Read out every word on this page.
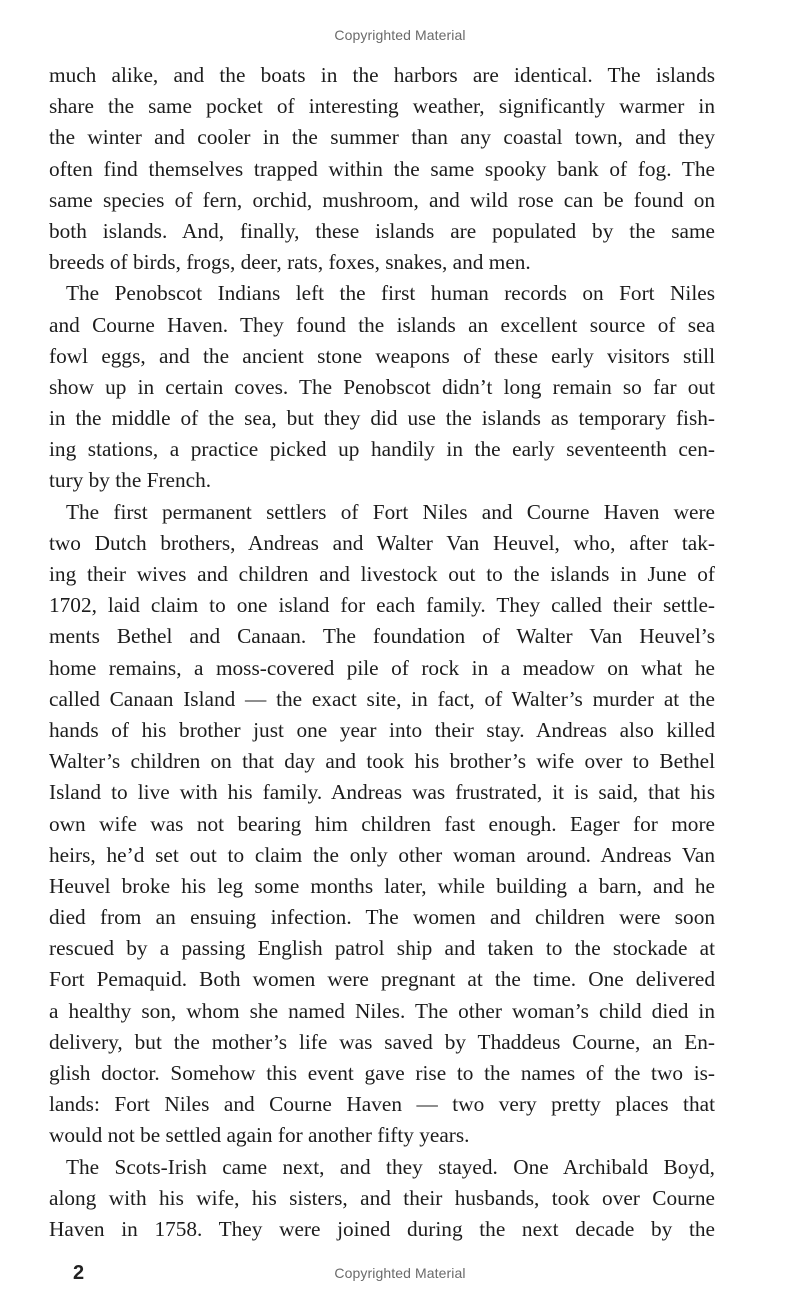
Copyrighted Material
much alike, and the boats in the harbors are identical. The islands
share the same pocket of interesting weather, significantly warmer in
the winter and cooler in the summer than any coastal town, and they
often find themselves trapped within the same spooky bank of fog. The
same species of fern, orchid, mushroom, and wild rose can be found on
both islands. And, finally, these islands are populated by the same
breeds of birds, frogs, deer, rats, foxes, snakes, and men.
The Penobscot Indians left the first human records on Fort Niles
and Courne Haven. They found the islands an excellent source of sea
fowl eggs, and the ancient stone weapons of these early visitors still
show up in certain coves. The Penobscot didn’t long remain so far out
in the middle of the sea, but they did use the islands as temporary fish-
ing stations, a practice picked up handily in the early seventeenth cen-
tury by the French.
The first permanent settlers of Fort Niles and Courne Haven were
two Dutch brothers, Andreas and Walter Van Heuvel, who, after tak-
ing their wives and children and livestock out to the islands in June of
1702, laid claim to one island for each family. They called their settle-
ments Bethel and Canaan. The foundation of Walter Van Heuvel’s
home remains, a moss-covered pile of rock in a meadow on what he
called Canaan Island — the exact site, in fact, of Walter’s murder at the
hands of his brother just one year into their stay. Andreas also killed
Walter’s children on that day and took his brother’s wife over to Bethel
Island to live with his family. Andreas was frustrated, it is said, that his
own wife was not bearing him children fast enough. Eager for more
heirs, he’d set out to claim the only other woman around. Andreas Van
Heuvel broke his leg some months later, while building a barn, and he
died from an ensuing infection. The women and children were soon
rescued by a passing English patrol ship and taken to the stockade at
Fort Pemaquid. Both women were pregnant at the time. One delivered
a healthy son, whom she named Niles. The other woman’s child died in
delivery, but the mother’s life was saved by Thaddeus Courne, an En-
glish doctor. Somehow this event gave rise to the names of the two is-
lands: Fort Niles and Courne Haven — two very pretty places that
would not be settled again for another fifty years.
The Scots-Irish came next, and they stayed. One Archibald Boyd,
along with his wife, his sisters, and their husbands, took over Courne
Haven in 1758. They were joined during the next decade by the
2	Copyrighted Material
